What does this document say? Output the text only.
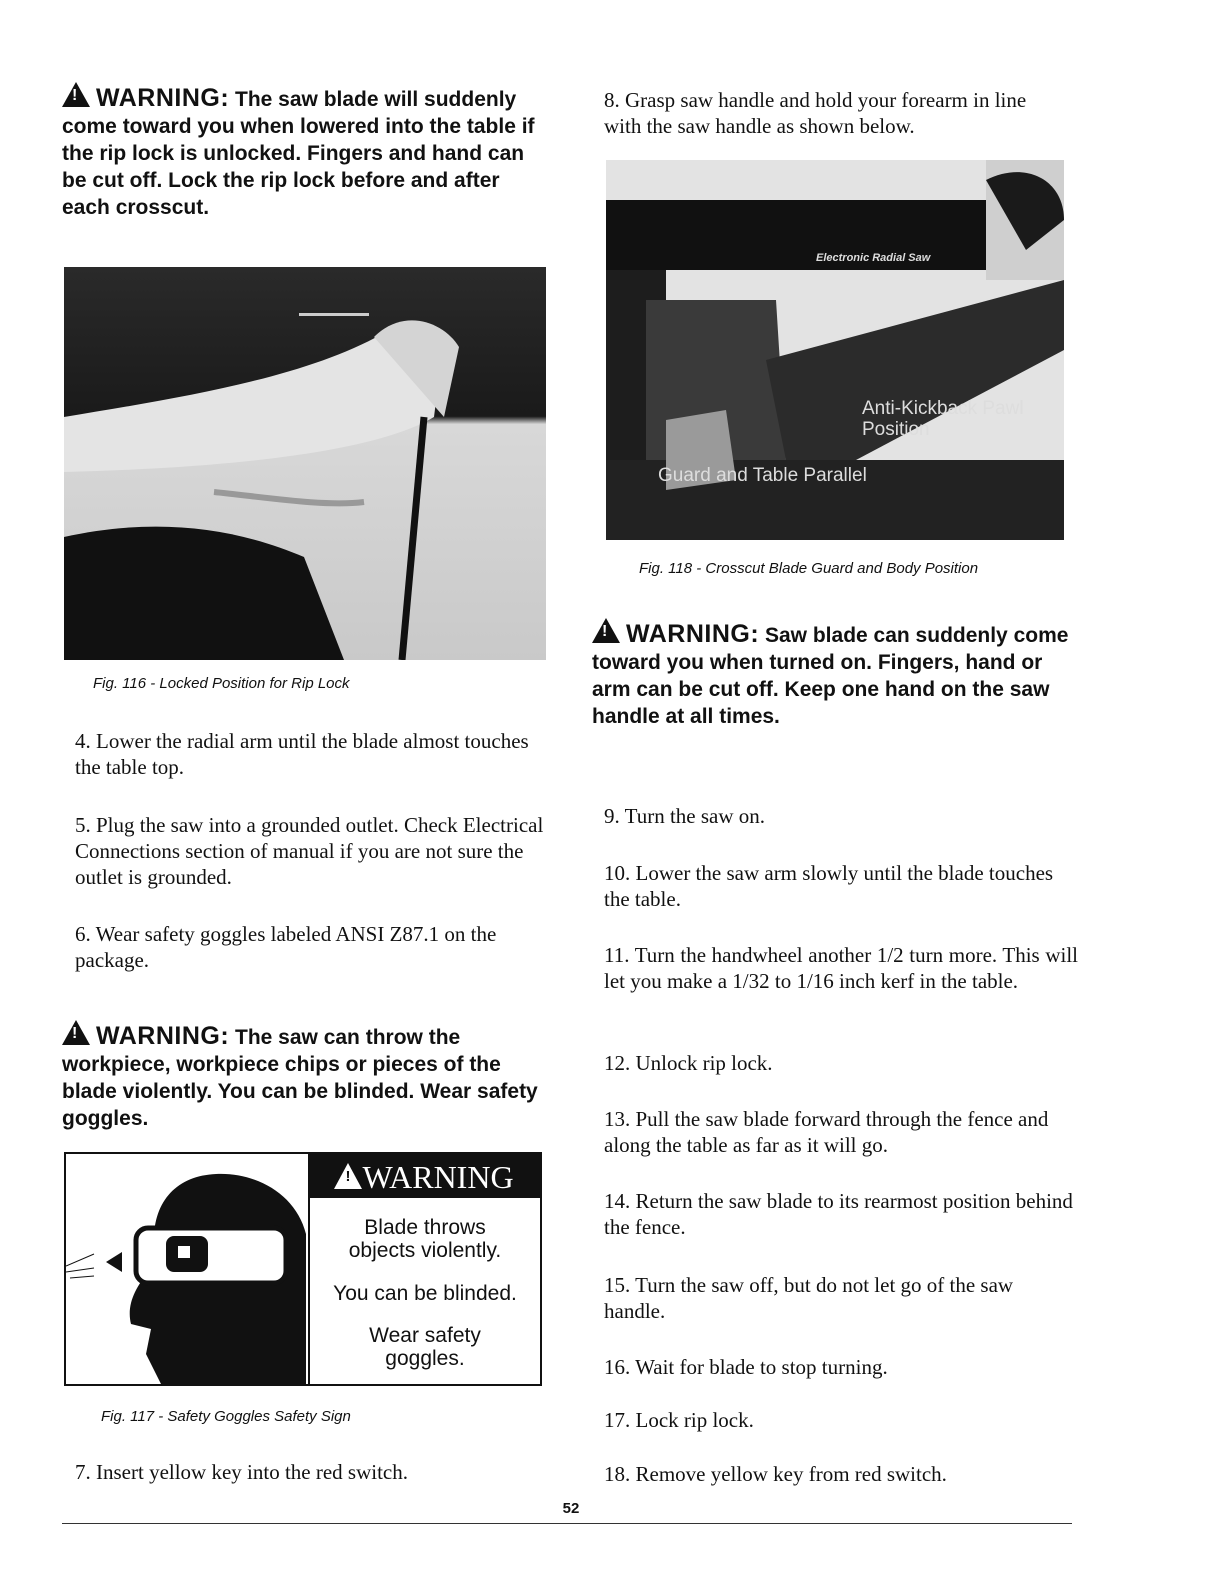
!WARNING: The saw blade will suddenly come toward you when lowered into the table if the rip lock is unlocked. Fingers and hand can be cut off. Lock the rip lock before and after each crosscut.

Fig. 116 - Locked Position for Rip Lock

4. Lower the radial arm until the blade almost touches the table top.

5. Plug the saw into a grounded outlet. Check Electrical Connections section of manual if you are not sure the outlet is grounded.

6. Wear safety goggles labeled ANSI Z87.1 on the package.

!WARNING: The saw can throw the workpiece, workpiece chips or pieces of the blade violently. You can be blinded. Wear safety goggles.

! WARNING
Blade throws objects violently.
You can be blinded.
Wear safety goggles.

Fig. 117 - Safety Goggles Safety Sign

7. Insert yellow key into the red switch.

8. Grasp saw handle and hold your forearm in line with the saw handle as shown below.

Electronic Radial Saw
Anti-Kickback Pawl Position
Guard and Table Parallel

Fig. 118 - Crosscut Blade Guard and Body Position

!WARNING: Saw blade can suddenly come toward you when turned on. Fingers, hand or arm can be cut off. Keep one hand on the saw handle at all times.

9. Turn the saw on.

10. Lower the saw arm slowly until the blade touches the table.

11. Turn the handwheel another 1/2 turn more. This will let you make a 1/32 to 1/16 inch kerf in the table.

12. Unlock rip lock.

13. Pull the saw blade forward through the fence and along the table as far as it will go.

14. Return the saw blade to its rearmost position behind the fence.

15. Turn the saw off, but do not let go of the saw handle.

16. Wait for blade to stop turning.

17. Lock rip lock.

18. Remove yellow key from red switch.

52
